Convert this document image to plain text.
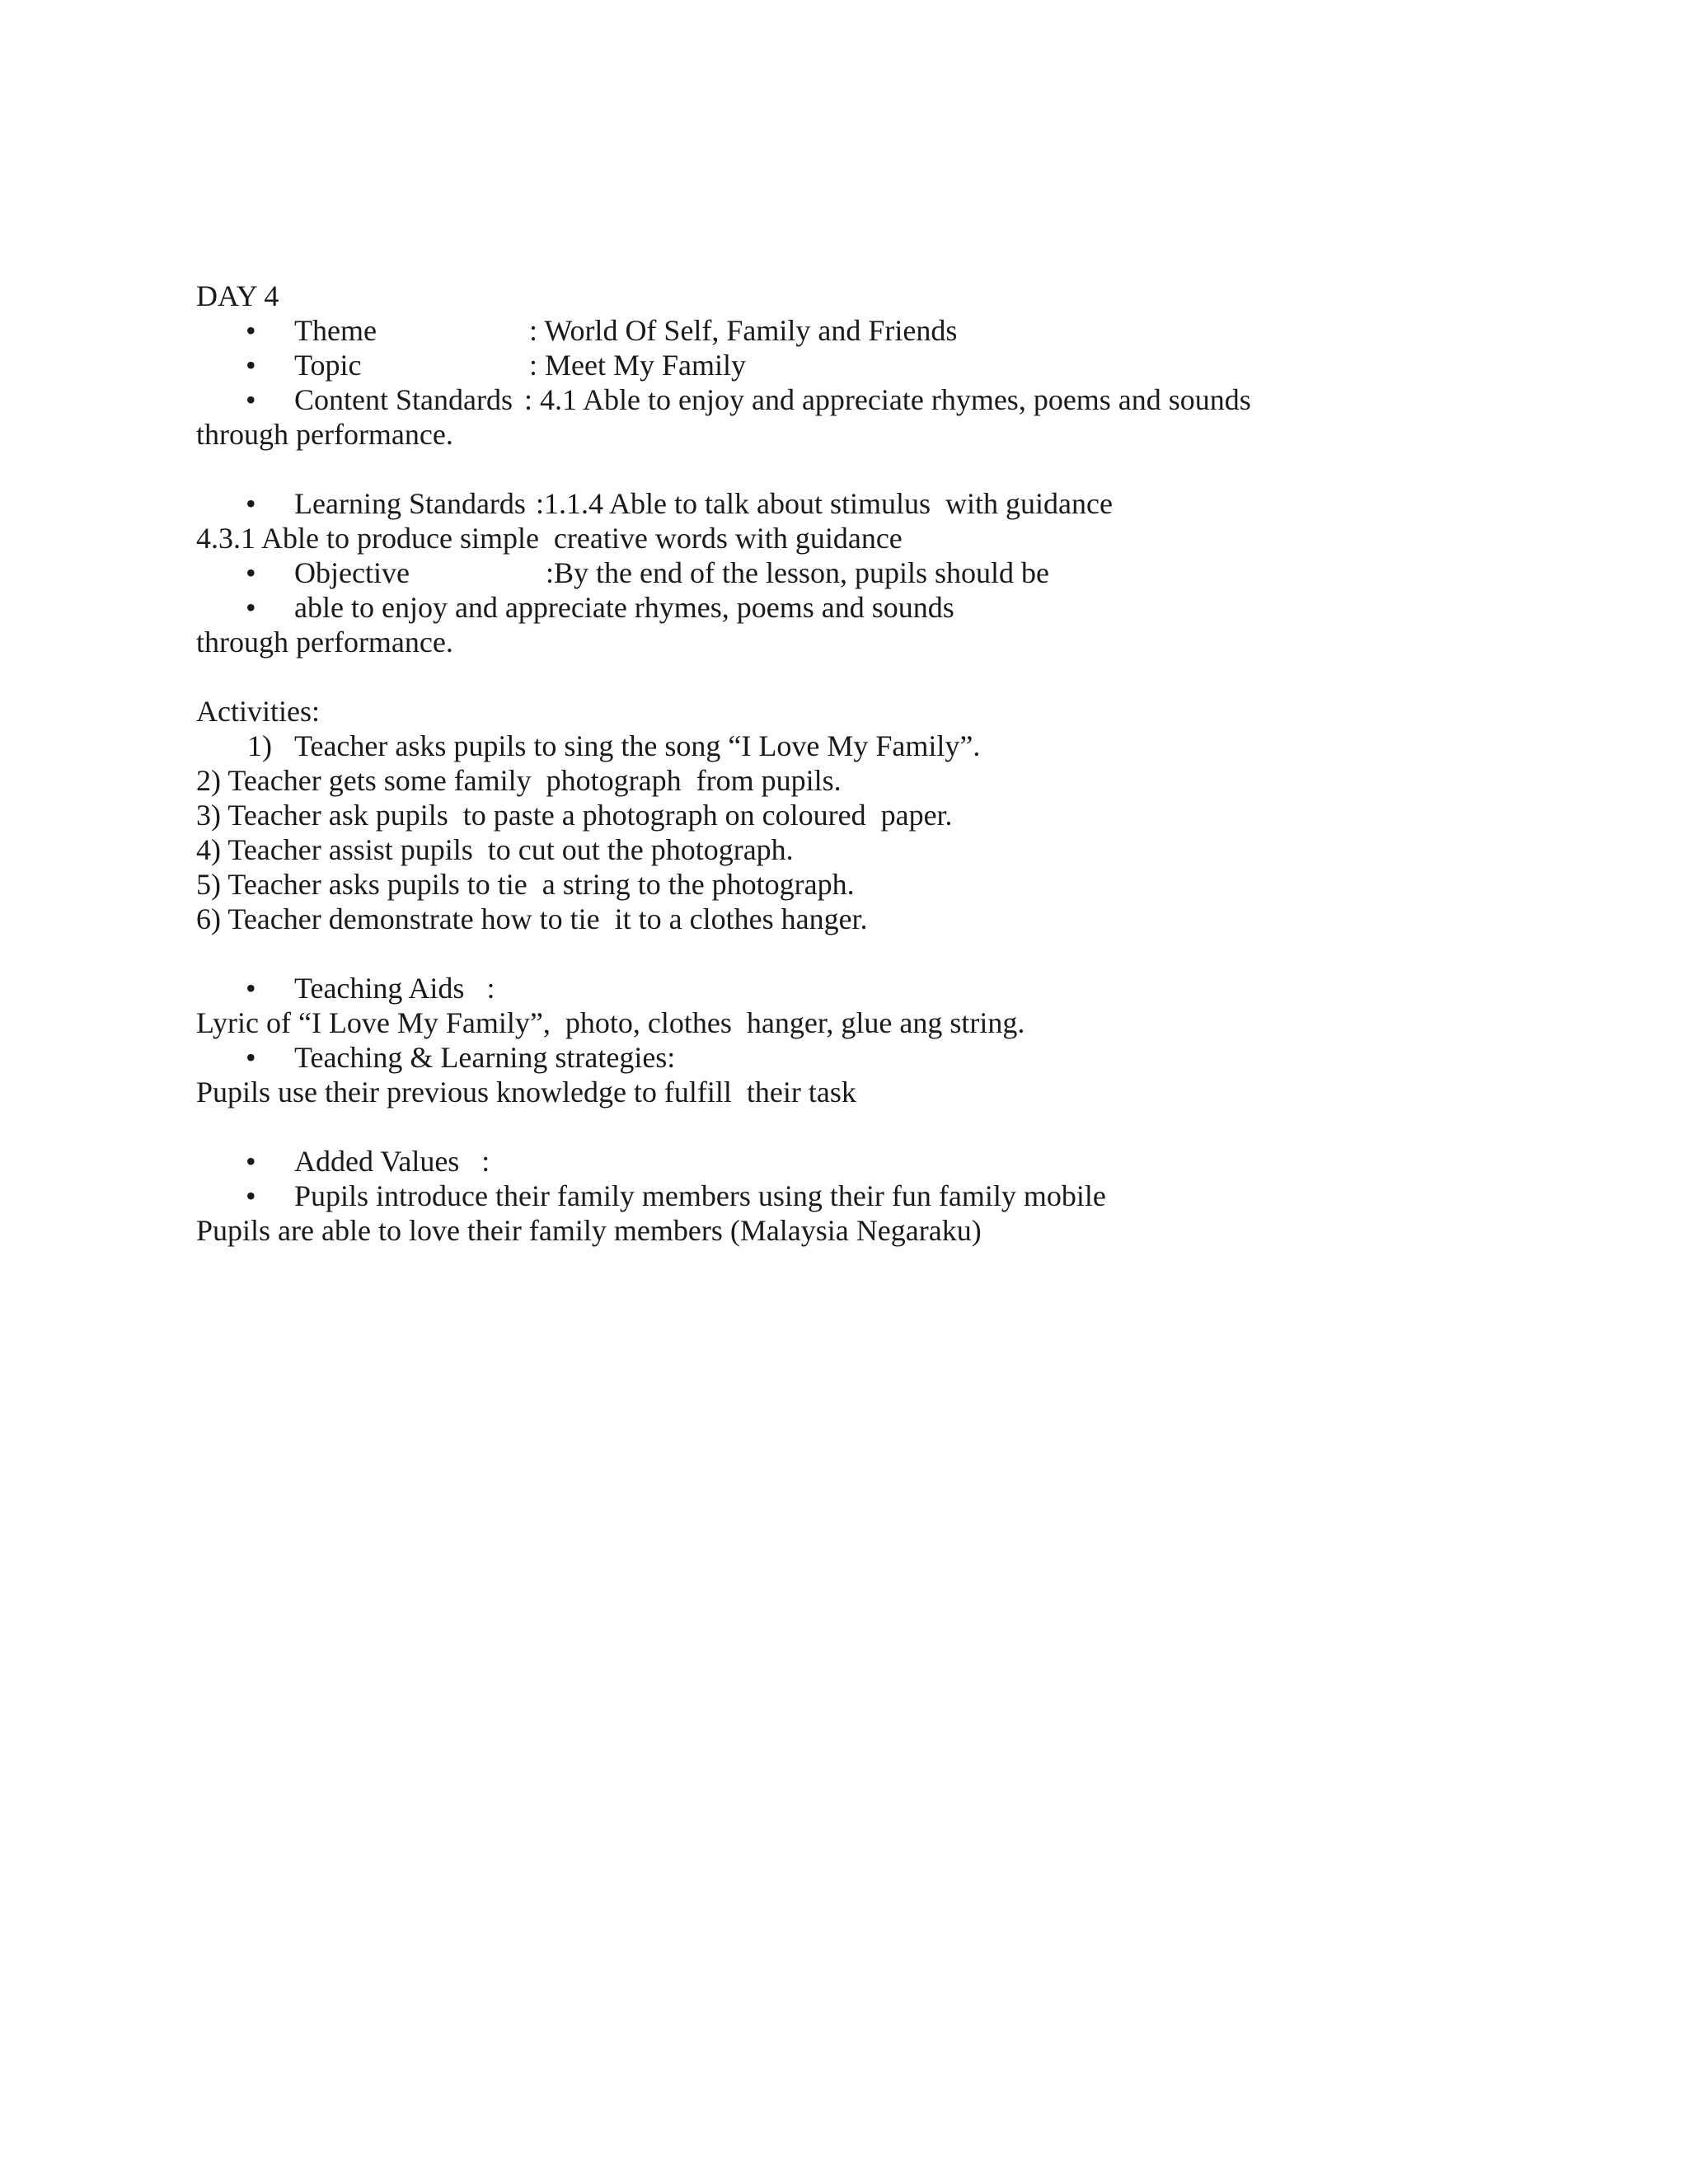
DAY 4
• Theme	: World Of Self, Family and Friends
• Topic	: Meet My Family
• Content Standards : 4.1 Able to enjoy and appreciate rhymes, poems and sounds
through performance.
• Learning Standards :1.1.4 Able to talk about stimulus  with guidance
4.3.1 Able to produce simple  creative words with guidance
• Objective	:By the end of the lesson, pupils should be
• able to enjoy and appreciate rhymes, poems and sounds
through performance.
Activities:
1) Teacher asks pupils to sing the song “I Love My Family”.
2) Teacher gets some family  photograph  from pupils.
3) Teacher ask pupils  to paste a photograph on coloured  paper.
4) Teacher assist pupils  to cut out the photograph.
5) Teacher asks pupils to tie  a string to the photograph.
6) Teacher demonstrate how to tie  it to a clothes hanger.
• Teaching Aids   :
Lyric of “I Love My Family”,  photo, clothes  hanger, glue ang string.
• Teaching & Learning strategies:
Pupils use their previous knowledge to fulfill  their task
• Added Values   :
• Pupils introduce their family members using their fun family mobile
Pupils are able to love their family members (Malaysia Negaraku)
